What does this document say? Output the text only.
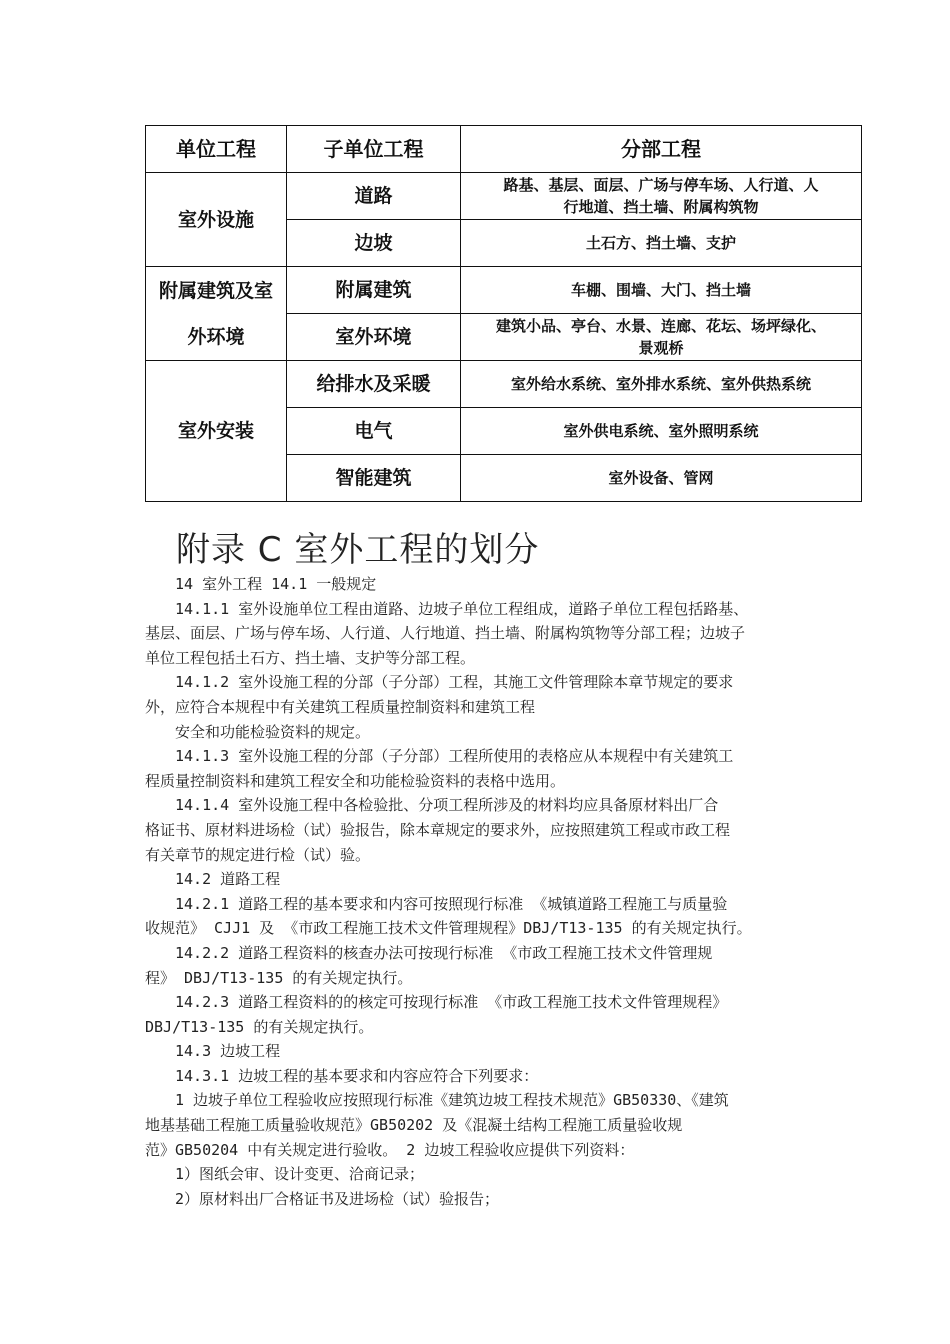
单位工程	子单位工程	分部工程

室外设施	道路	路基、基层、面层、广场与停车场、人行道、人
行地道、挡土墙、附属构筑物

	边坡	土石方、挡土墙、支护

附属建筑及室
外环境	附属建筑	车棚、围墙、大门、挡土墙

	室外环境	建筑小品、亭台、水景、连廊、花坛、场坪绿化、
景观桥

室外安装	给排水及采暖	室外给水系统、室外排水系统、室外供热系统

	电气	室外供电系统、室外照明系统

	智能建筑	室外设备、管网
附录 C 室外工程的划分

14 室外工程 14.1 一般规定

14.1.1 室外设施单位工程由道路、边坡子单位工程组成，道路子单位工程包括路基、

基层、面层、广场与停车场、人行道、人行地道、挡土墙、附属构筑物等分部工程；边坡子

单位工程包括土石方、挡土墙、支护等分部工程。

14.1.2 室外设施工程的分部（子分部）工程，其施工文件管理除本章节规定的要求

外，应符合本规程中有关建筑工程质量控制资料和建筑工程

安全和功能检验资料的规定。

14.1.3 室外设施工程的分部（子分部）工程所使用的表格应从本规程中有关建筑工

程质量控制资料和建筑工程安全和功能检验资料的表格中选用。

14.1.4 室外设施工程中各检验批、分项工程所涉及的材料均应具备原材料出厂合

格证书、原材料进场检（试）验报告，除本章规定的要求外，应按照建筑工程或市政工程

有关章节的规定进行检（试）验。

14.2 道路工程

14.2.1 道路工程的基本要求和内容可按照现行标准 《城镇道路工程施工与质量验

收规范》 CJJ1 及 《市政工程施工技术文件管理规程》DBJ/T13-135 的有关规定执行。

14.2.2 道路工程资料的核查办法可按现行标准 《市政工程施工技术文件管理规

程》 DBJ/T13-135 的有关规定执行。

14.2.3 道路工程资料的的核定可按现行标准 《市政工程施工技术文件管理规程》

DBJ/T13-135 的有关规定执行。

14.3 边坡工程

14.3.1 边坡工程的基本要求和内容应符合下列要求：

1 边坡子单位工程验收应按照现行标准《建筑边坡工程技术规范》GB50330、《建筑

地基基础工程施工质量验收规范》GB50202 及《混凝土结构工程施工质量验收规

范》GB50204 中有关规定进行验收。 2 边坡工程验收应提供下列资料：

1）图纸会审、设计变更、洽商记录；

2）原材料出厂合格证书及进场检（试）验报告；
